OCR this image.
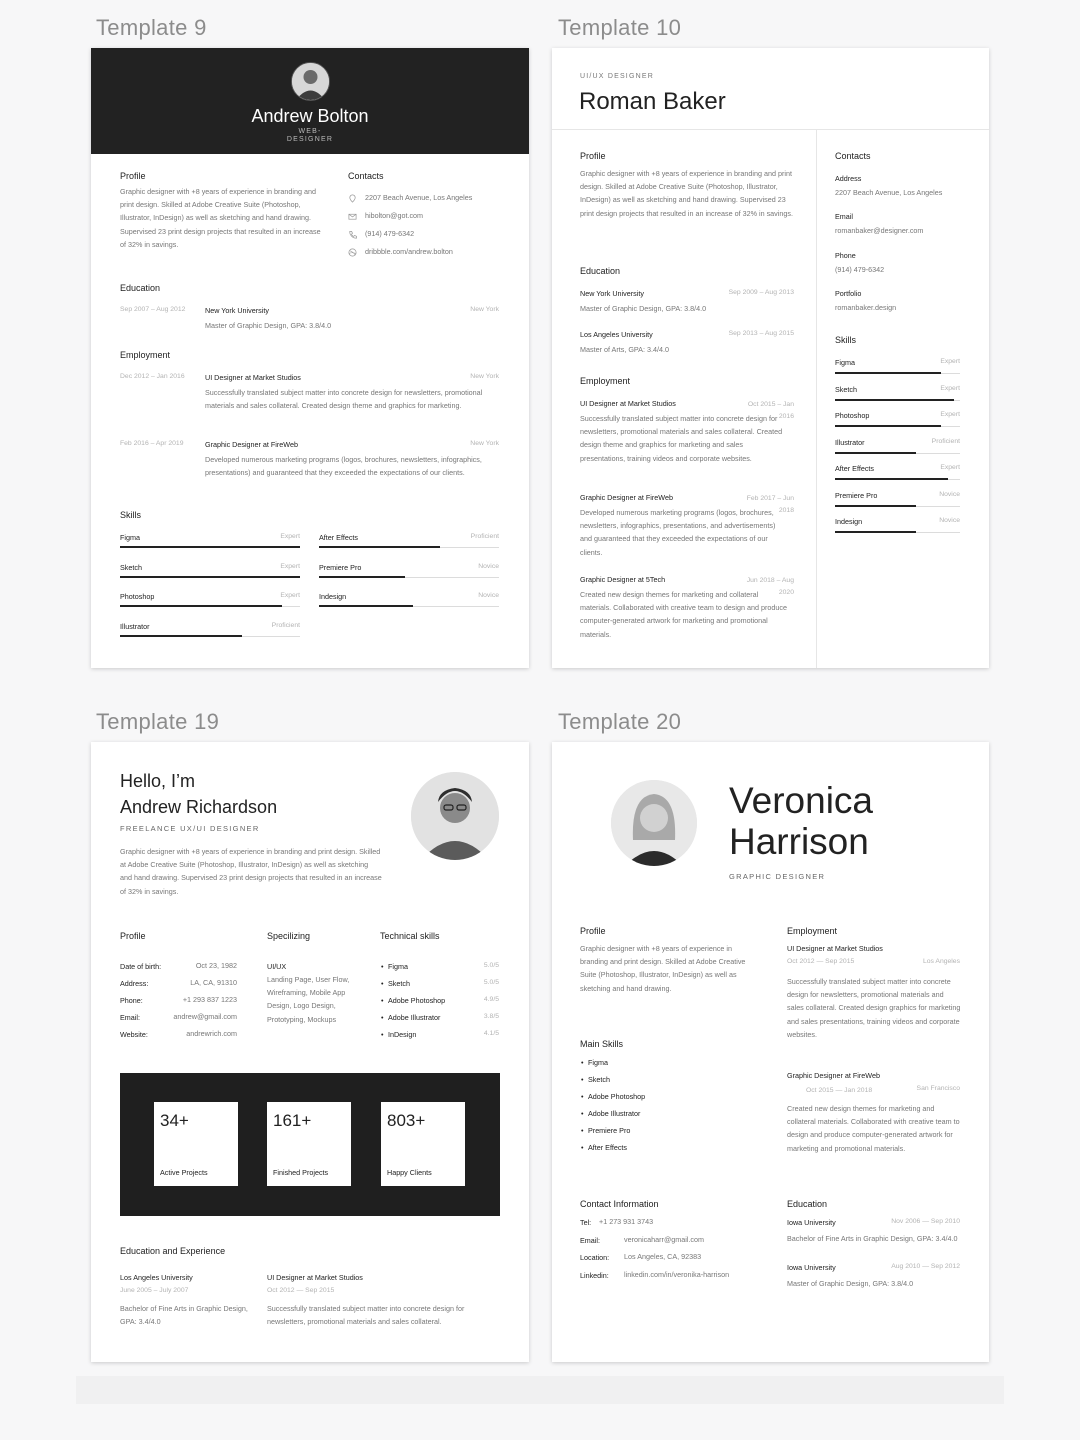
Template 9	Template 10
Template 19	Template 20
Andrew Bolton
WEB-
DESIGNER
Profile
Graphic designer with +8 years of experience in branding and print design. Skilled at Adobe Creative Suite (Photoshop, Illustrator, InDesign) as well as sketching and hand drawing. Supervised 23 print design projects that resulted in an increase of 32% in savings.
Contacts
2207 Beach Avenue, Los Angeles
hibolton@got.com
(914) 479-6342
dribbble.com/andrew.bolton
Education
Sep 2007 – Aug 2012	New York University	New York
Master of Graphic Design, GPA: 3.8/4.0
Employment
Dec 2012 – Jan 2016	UI Designer at Market Studios	New York
Successfully translated subject matter into concrete design for newsletters, promotional materials and sales collateral. Created design theme and graphics for marketing.
Feb 2016 – Apr 2019	Graphic Designer at FireWeb	New York
Developed numerous marketing programs (logos, brochures, newsletters, infographics, presentations) and guaranteed that they exceeded the expectations of our clients.
Skills
Figma	Expert	After Effects	Proficient
Sketch	Expert	Premiere Pro	Novice
Photoshop	Expert	Indesign	Novice
Illustrator	Proficient
UI/UX DESIGNER
Roman Baker
Profile
Graphic designer with +8 years of experience in branding and print design. Skilled at Adobe Creative Suite (Photoshop, Illustrator, InDesign) as well as sketching and hand drawing. Supervised 23 print design projects that resulted in an increase of 32% in savings.
Education
New York University	Sep 2009 – Aug 2013
Master of Graphic Design, GPA: 3.8/4.0
Los Angeles University	Sep 2013 – Aug 2015
Master of Arts, GPA: 3.4/4.0
Employment
UI Designer at Market Studios	Oct 2015 – Jan 2016
Successfully translated subject matter into concrete design for newsletters, promotional materials and sales collateral. Created design theme and graphics for marketing and sales presentations, training videos and corporate websites.
Graphic Designer at FireWeb	Feb 2017 – Jun 2018
Developed numerous marketing programs (logos, brochures, newsletters, infographics, presentations, and advertisements) and guaranteed that they exceeded the expectations of our clients.
Graphic Designer at 5Tech	Jun 2018 – Aug 2020
Created new design themes for marketing and collateral materials. Collaborated with creative team to design and produce computer-generated artwork for marketing and promotional materials.
Contacts
Skills
Address
2207 Beach Avenue, Los Angeles
Email
romanbaker@designer.com
Phone
(914) 479-6342
Portfolio
romanbaker.design
Figma	Expert
Sketch	Expert
Photoshop	Expert
Illustrator	Proficient
After Effects	Expert
Premiere Pro	Novice
Indesign	Novice
Hello, I’m
Andrew Richardson
FREELANCE UX/UI DESIGNER
Graphic designer with +8 years of experience in branding and print design. Skilled at Adobe Creative Suite (Photoshop, Illustrator, InDesign) as well as sketching and hand drawing. Supervised 23 print design projects that resulted in an increase of 32% in savings.
Profile	Specilizing
UI/UX
Landing Page, User Flow, Wireframing, Mobile App Design, Logo Design, Prototyping, Mockups
Technical skills
Education and Experience
Los Angeles University
June 2005 – July 2007
Bachelor of Fine Arts in Graphic Design, GPA: 3.4/4.0
UI Designer at Market Studios
Oct 2012 — Sep 2015
Successfully translated subject matter into concrete design for newsletters, promotional materials and sales collateral.
Date of birth:	Oct 23, 1982
Address:	LA, CA, 91310
Phone:	+1 293 837 1223
Email:	andrew@gmail.com
Website:	andrewrich.com
• Figma	5.0/5
• Sketch	5.0/5
• Adobe Photoshop	4.9/5
• Adobe Illustrator	3.8/5
• InDesign	4.1/5
34+
Active Projects
161+
Finished Projects
803+
Happy Clients
Veronica
Harrison
GRAPHIC DESIGNER
Profile
Graphic designer with +8 years of experience in branding and print design. Skilled at Adobe Creative Suite (Photoshop, Illustrator, InDesign) as well as sketching and hand drawing.
Main Skills
Contact Information
Employment
UI Designer at Market Studios
Oct 2012 — Sep 2015	Los Angeles
Successfully translated subject matter into concrete design for newsletters, promotional materials and sales collateral. Created design graphics for marketing and sales presentations, training videos and corporate websites.
Graphic Designer at FireWeb
Oct 2015 — Jan 2018	San Francisco
Created new design themes for marketing and collateral materials. Collaborated with creative team to design and produce computer-generated artwork for marketing and promotional materials.
Education
Iowa University	Nov 2006 — Sep 2010
Bachelor of Fine Arts in Graphic Design, GPA: 3.4/4.0
Iowa University	Aug 2010 — Sep 2012
Master of Graphic Design, GPA: 3.8/4.0
• Figma
• Sketch
• Adobe Photoshop
• Adobe Illustrator
• Premiere Pro
• After Effects
Tel: +1 273 931 3743
Email:	veronicaharr@gmail.com
Location: Los Angeles, CA, 92383
Linkedin: linkedin.com/in/veronika-harrison
